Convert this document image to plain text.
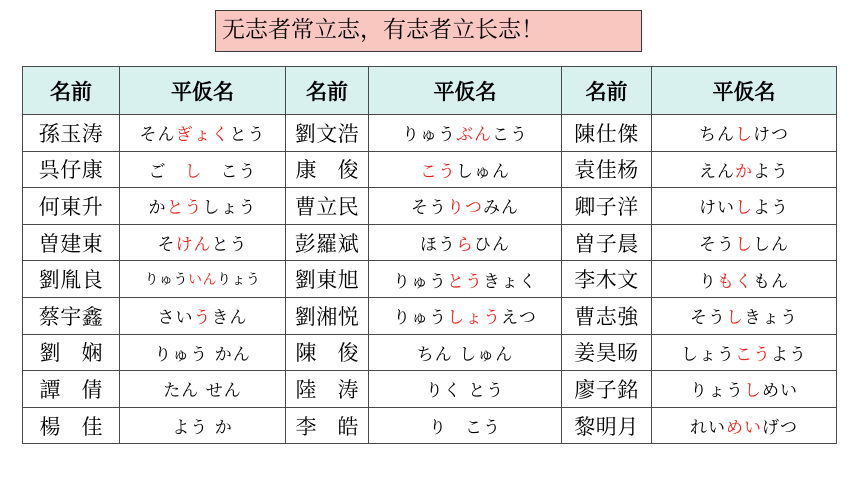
无志者常立志，有志者立长志！
名前	平仮名	名前	平仮名	名前	平仮名
孫玉涛	そんぎょくとう	劉文浩	りゅうぶんこう	陳仕傑	ちんしけつ
呉仔康	ご　し　こう	康　俊	こうしゅん	袁佳杨	えんかよう
何東升	かとうしょう	曹立民	そうりつみん	卿子洋	けいしよう
曽建東	そけんとう	彭羅斌	ほうらひん	曽子晨	そうししん
劉胤良	りゅういんりょう	劉東旭	りゅうとうきょく	李木文	りもくもん
蔡宇鑫	さいうきん	劉湘悦	りゅうしょうえつ	曹志強	そうしきょう
劉　娴	りゅう かん	陳　俊	ちん しゅん	姜昊旸	しょうこうよう
譚　倩	たん せん	陸　涛	りく とう	廖子銘	りょうしめい
楊　佳	よう か	李　皓	り　こう	黎明月	れいめいげつ
